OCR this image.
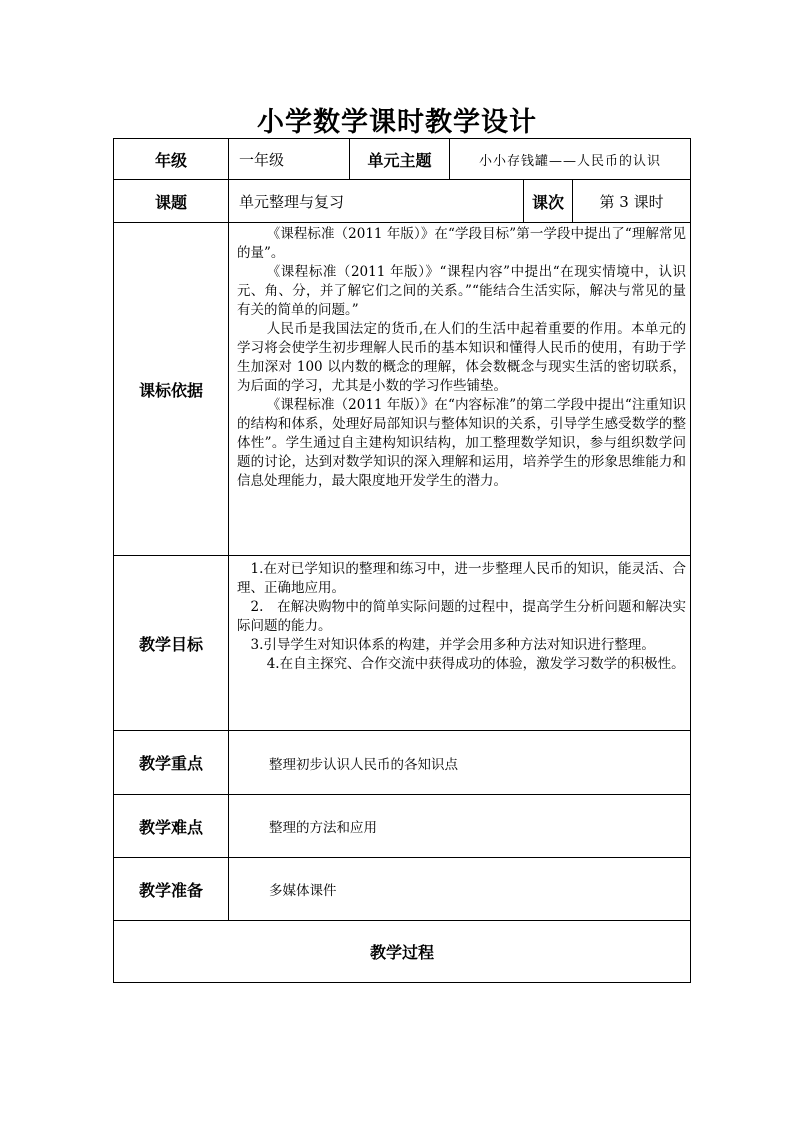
小学数学课时教学设计
年级	一年级	单元主题	小小存钱罐——人民币的认识		
课题	单元整理与复习			课次	第 3 课时
课标依据	《课程标准（2011 年版）》在“学段目标”第一学段中提出了“理解常见的量”。

《课程标准（2011 年版）》“课程内容”中提出“在现实情境中，认识元、角、分，并了解它们之间的关系。”“能结合生活实际，解决与常见的量有关的简单的问题。”

人民币是我国法定的货币,在人们的生活中起着重要的作用。本单元的学习将会使学生初步理解人民币的基本知识和懂得人民币的使用，有助于学生加深对 100 以内数的概念的理解，体会数概念与现实生活的密切联系，为后面的学习，尤其是小数的学习作些铺垫。

《课程标准（2011 年版）》在“内容标准”的第二学段中提出“注重知识的结构和体系，处理好局部知识与整体知识的关系，引导学生感受数学的整体性”。学生通过自主建构知识结构，加工整理数学知识，参与组织数学问题的讨论，达到对数学知识的深入理解和运用，培养学生的形象思维能力和信息处理能力，最大限度地开发学生的潜力。				

教学目标	1.在对已学知识的整理和练习中，进一步整理人民币的知识，能灵活、合理、正确地应用。

2.　在解决购物中的简单实际问题的过程中，提高学生分析问题和解决实际问题的能力。

3.引导学生对知识体系的构建，并学会用多种方法对知识进行整理。

4.在自主探究、合作交流中获得成功的体验，激发学习数学的积极性。				

教学重点	整理初步认识人民币的各知识点				
教学难点	整理的方法和应用				
教学准备	多媒体课件				
教学过程					
